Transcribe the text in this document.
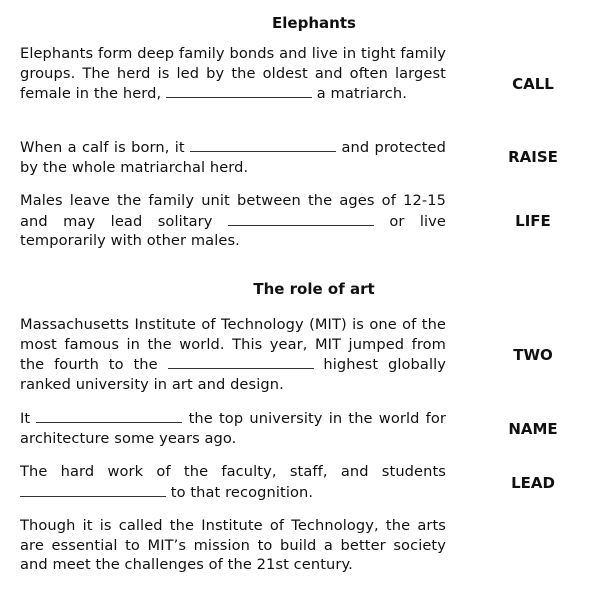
Elephants

Elephants form deep family bonds and live in tight family groups. The herd is led by the oldest and often largest female in the herd,	a matriarch.

CALL

When a calf is born, it	and protected by the whole matriarchal herd.

RAISE

Males leave the family unit between the ages of 12-15 and may lead solitary	or live temporarily with other males.

LIFE
The role of art

Massachusetts Institute of Technology (MIT) is one of the most famous in the world. This year, MIT jumped from the fourth to the	highest globally ranked university in art and design.

TWO

It	the top university in the world for architecture some years ago.

NAME

The hard work of the faculty, staff, and students  to that recognition.

LEAD

Though it is called the Institute of Technology, the arts are essential to MIT’s mission to build a better society and meet the challenges of the 21st century.
